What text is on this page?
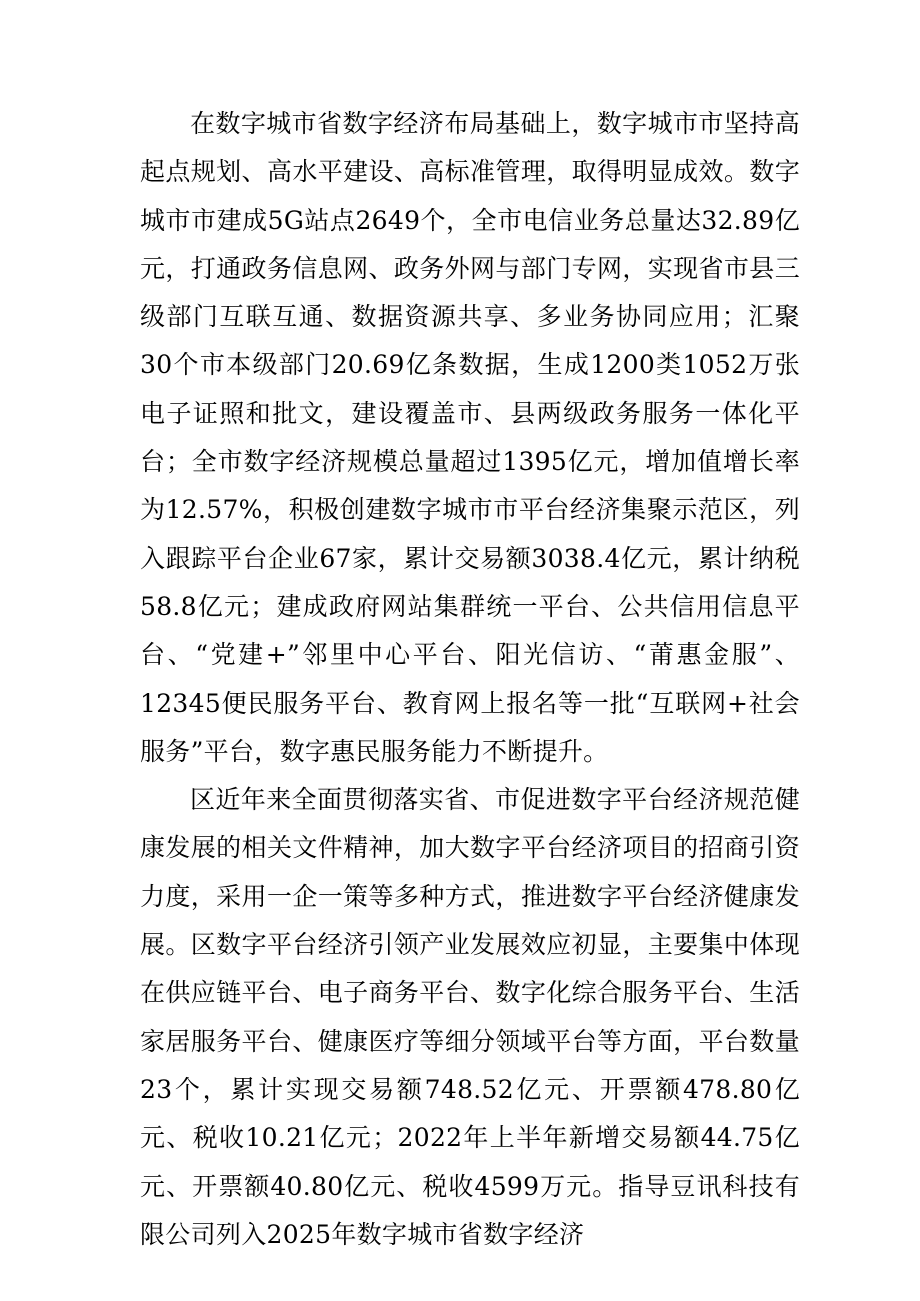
在数字城市省数字经济布局基础上，数字城市市坚持高起点规划、高水平建设、高标准管理，取得明显成效。数字城市市建成5G站点2649个，全市电信业务总量达32.89亿元，打通政务信息网、政务外网与部门专网，实现省市县三级部门互联互通、数据资源共享、多业务协同应用；汇聚30个市本级部门20.69亿条数据，生成1200类1052万张电子证照和批文，建设覆盖市、县两级政务服务一体化平台；全市数字经济规模总量超过1395亿元，增加值增长率为12.57%，积极创建数字城市市平台经济集聚示范区，列入跟踪平台企业67家，累计交易额3038.4亿元，累计纳税58.8亿元；建成政府网站集群统一平台、公共信用信息平台、“党建+”邻里中心平台、阳光信访、“莆惠金服”、12345便民服务平台、教育网上报名等一批“互联网+社会服务”平台，数字惠民服务能力不断提升。

区近年来全面贯彻落实省、市促进数字平台经济规范健康发展的相关文件精神，加大数字平台经济项目的招商引资力度，采用一企一策等多种方式，推进数字平台经济健康发展。区数字平台经济引领产业发展效应初显，主要集中体现在供应链平台、电子商务平台、数字化综合服务平台、生活家居服务平台、健康医疗等细分领域平台等方面，平台数量23个，累计实现交易额748.52亿元、开票额478.80亿元、税收10.21亿元；2022年上半年新增交易额44.75亿元、开票额40.80亿元、税收4599万元。指导豆讯科技有限公司列入2025年数字城市省数字经济
